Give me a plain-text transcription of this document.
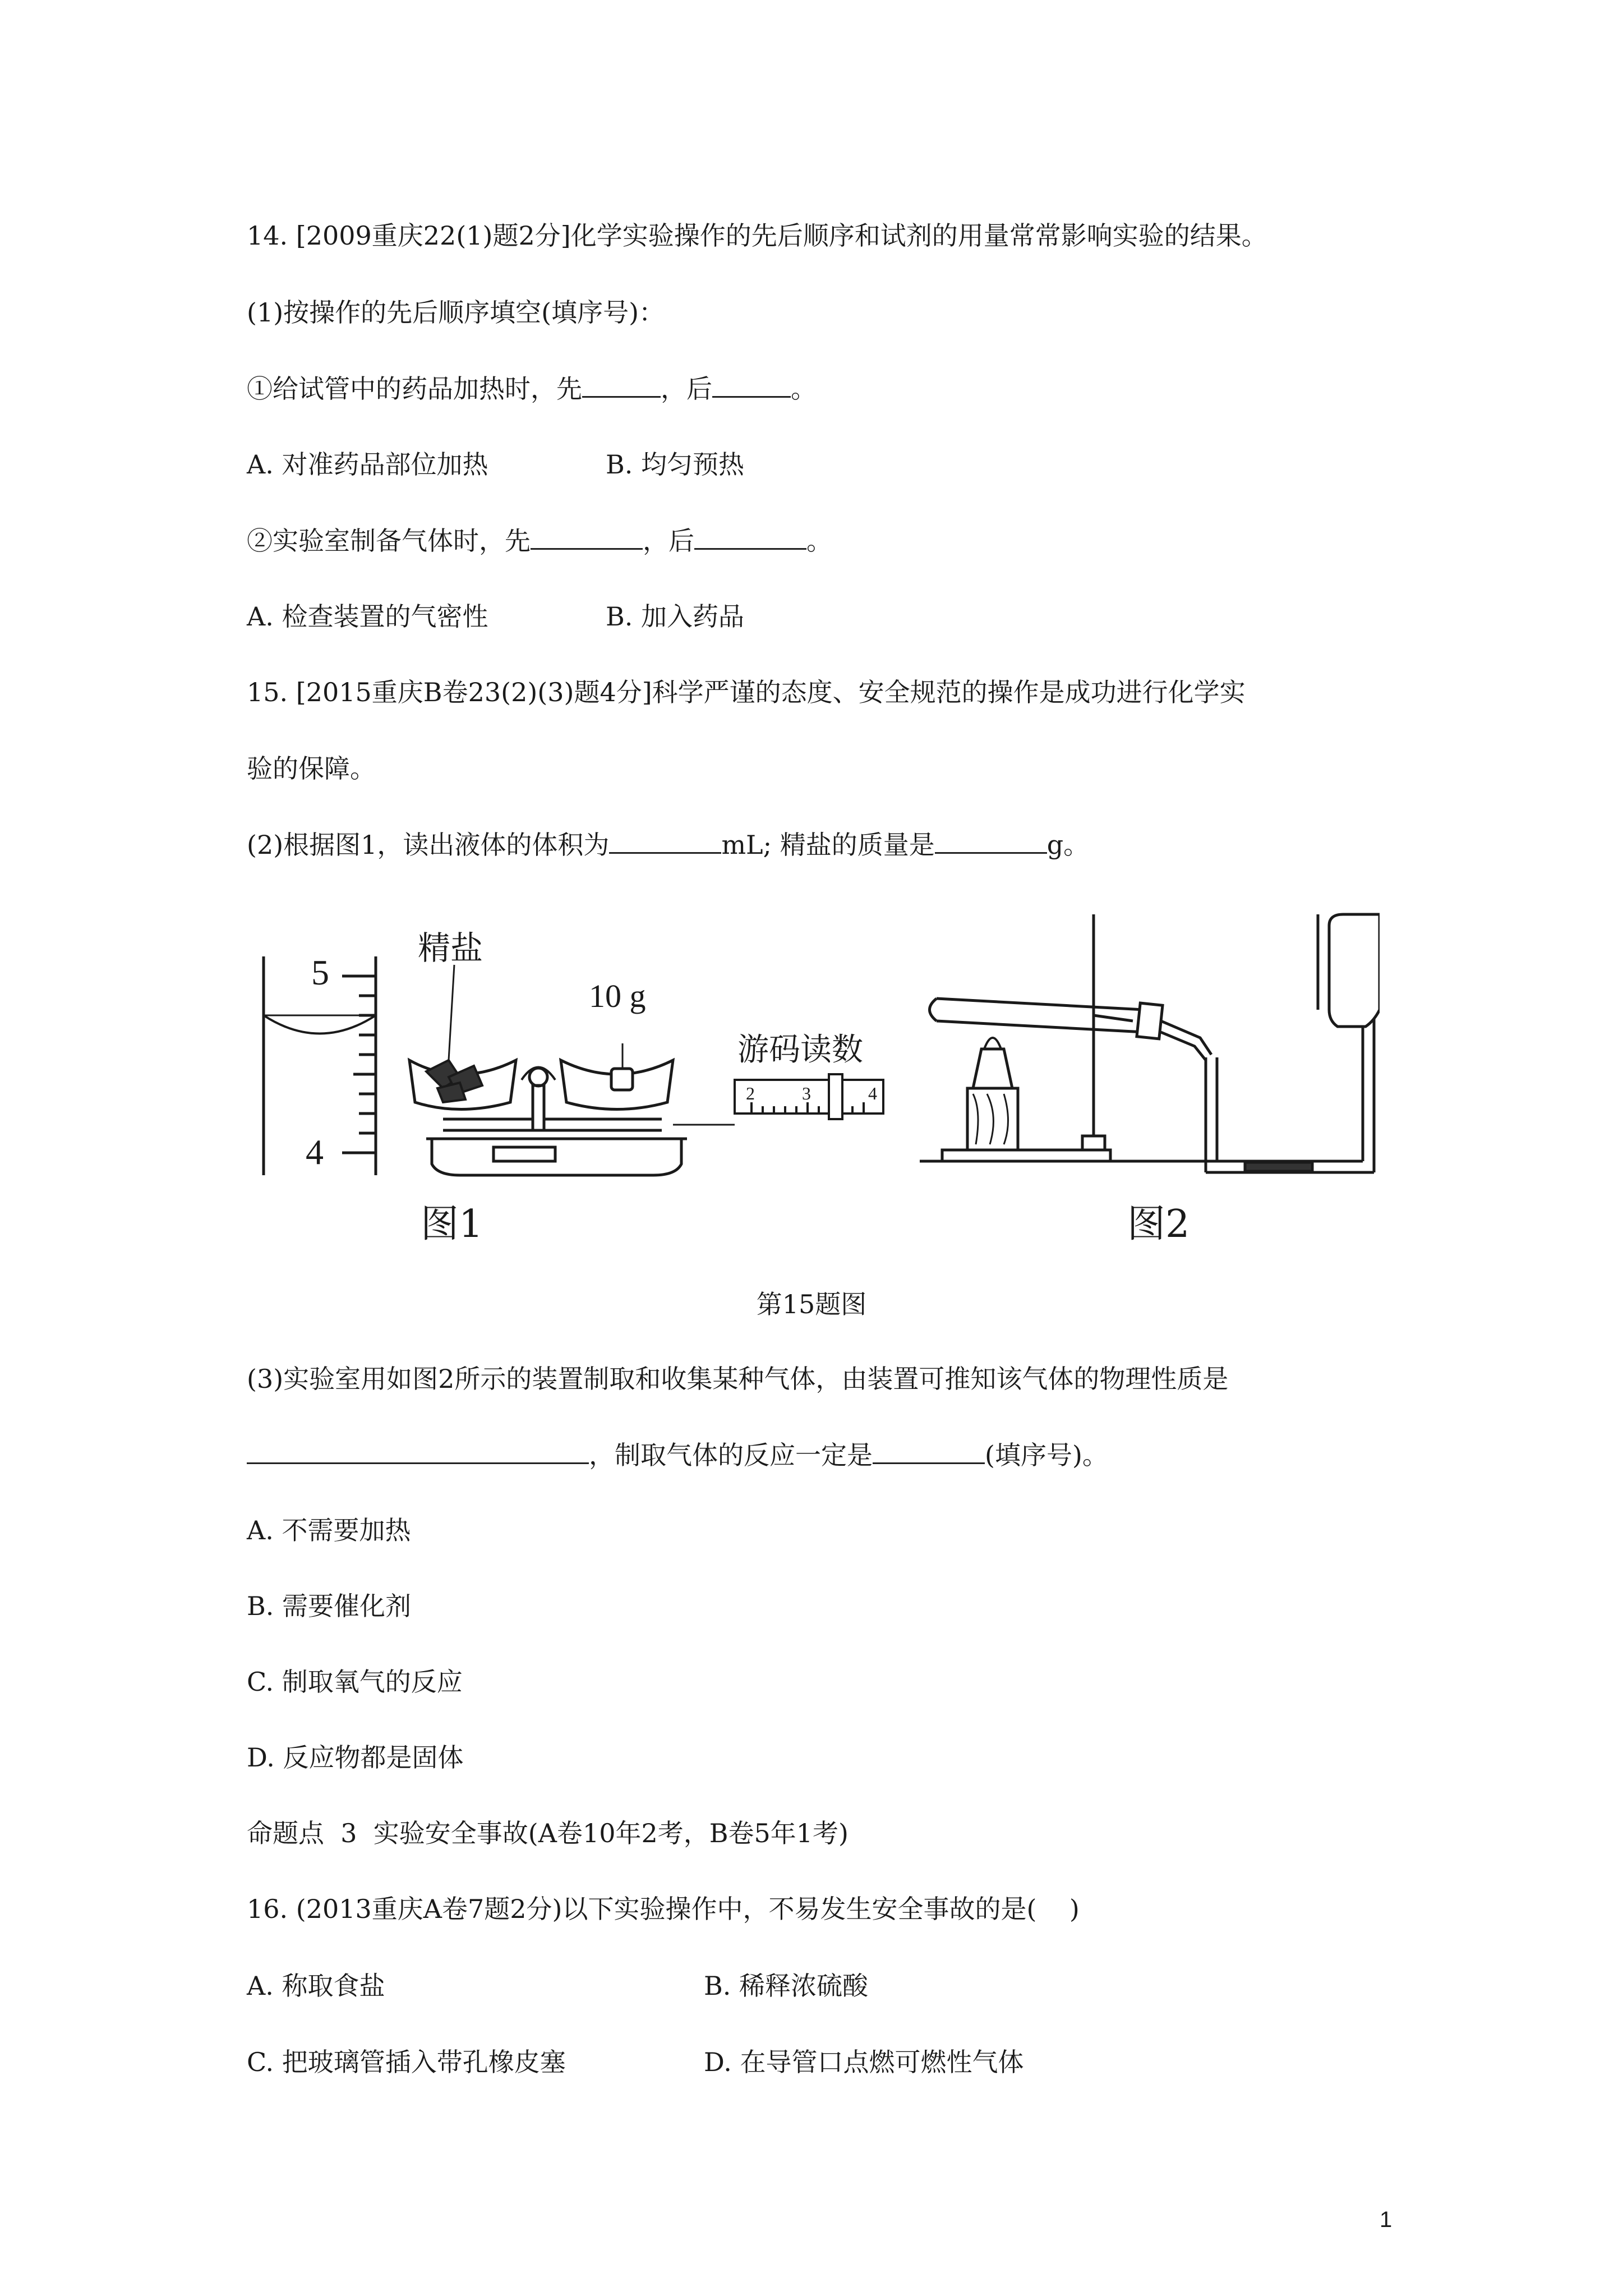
14. [2009重庆22(1)题2分]化学实验操作的先后顺序和试剂的用量常常影响实验的结果。
(1)按操作的先后顺序填空(填序号)：
①给试管中的药品加热时，先	，后	。
A. 对准药品部位加热	B. 均匀预热
②实验室制备气体时，先	，后	。
A. 检查装置的气密性	B. 加入药品
15. [2015重庆B卷23(2)(3)题4分]科学严谨的态度、安全规范的操作是成功进行化学实
验的保障。
(2)根据图1，读出液体的体积为	mL; 精盐的质量是	g。
5
4
精盐
10 g
游码读数
2	3	4
图1	图2
第15题图
(3)实验室用如图2所示的装置制取和收集某种气体，由装置可推知该气体的物理性质是
，制取气体的反应一定是	(填序号)。
A. 不需要加热
B. 需要催化剂
C. 制取氧气的反应
D. 反应物都是固体
命题点  3  实验安全事故(A卷10年2考，B卷5年1考)
16. (2013重庆A卷7题2分)以下实验操作中，不易发生安全事故的是(    )
A. 称取食盐	B. 稀释浓硫酸
C. 把玻璃管插入带孔橡皮塞	D. 在导管口点燃可燃性气体
1
